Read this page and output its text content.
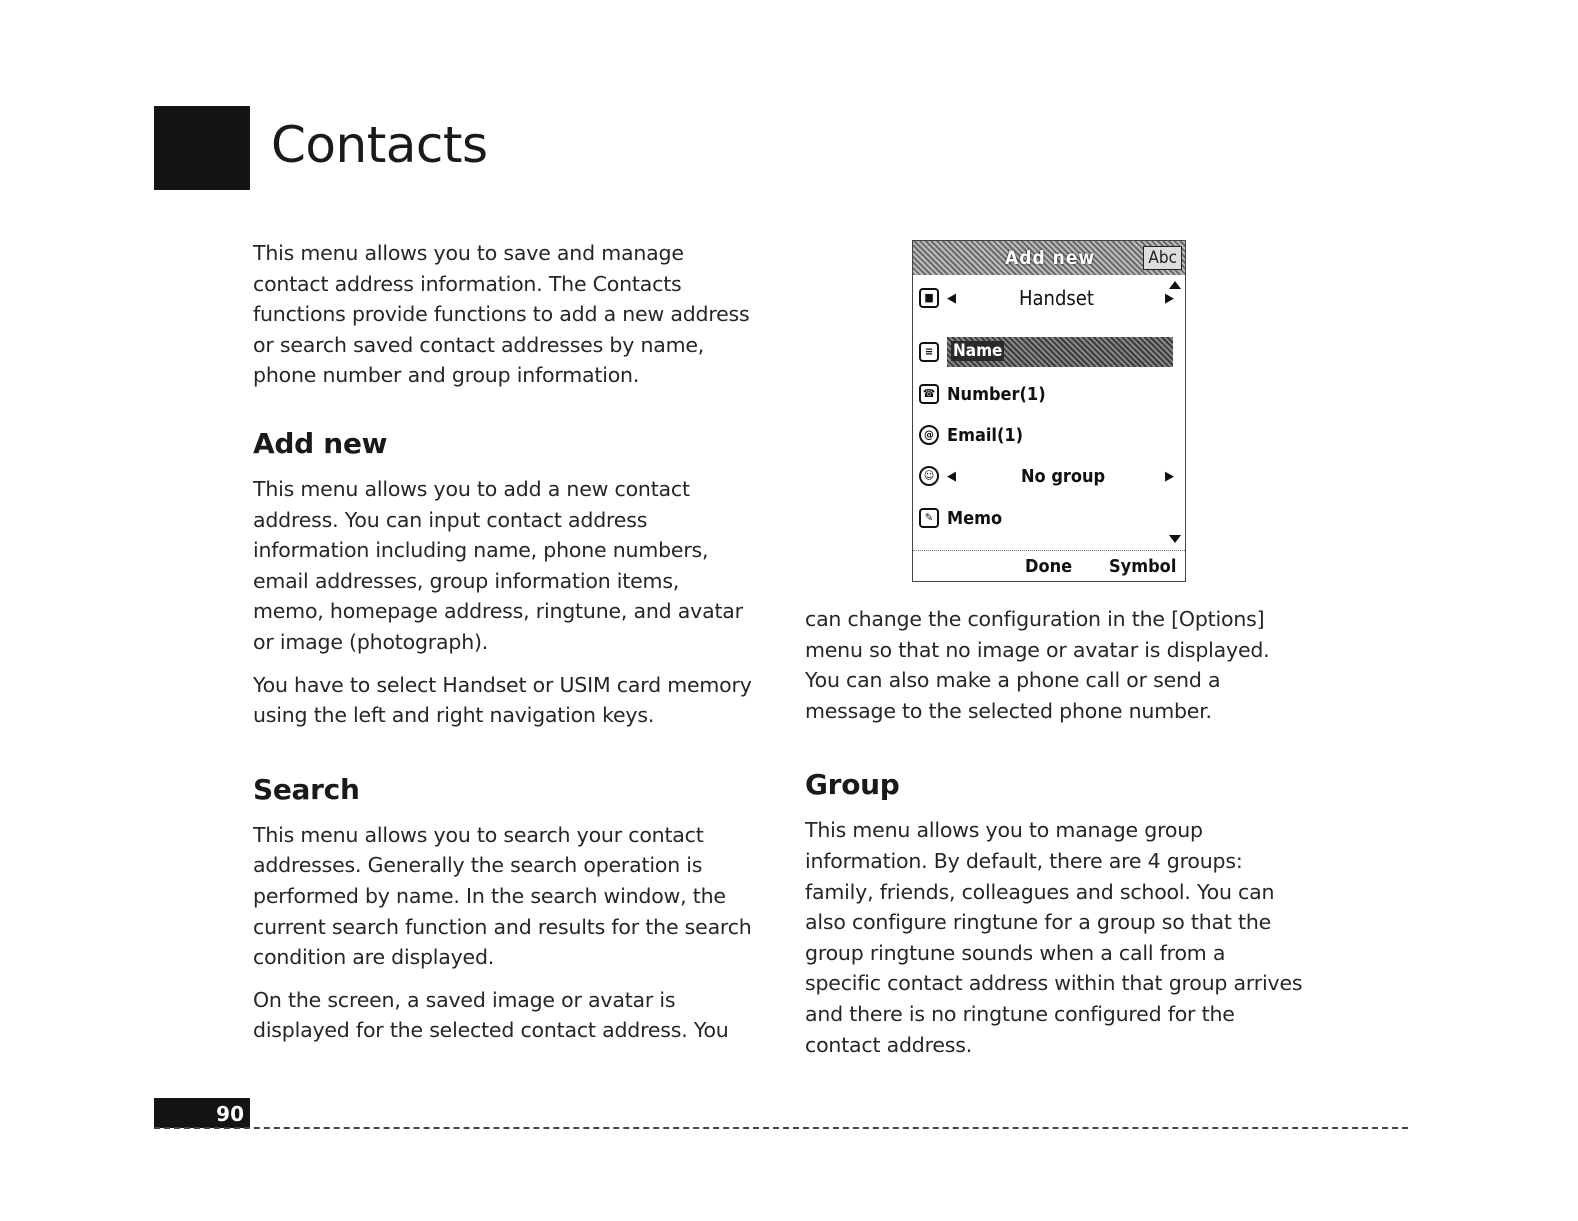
Contacts

This menu allows you to save and manage contact address information. The Contacts functions provide functions to add a new address or search saved contact addresses by name, phone number and group information.

Add new

This menu allows you to add a new contact address. You can input contact address information including name, phone numbers, email addresses, group information items, memo, homepage address, ringtune, and avatar or image (photograph).

You have to select Handset or USIM card memory using the left and right navigation keys.

Search

This menu allows you to search your contact addresses. Generally the search operation is performed by name. In the search window, the current search function and results for the search condition are displayed.

On the screen, a saved image or avatar is displayed for the selected contact address. You

Add new	Abc
■	◀	Handset	▶
≡	Name
☎ Number(1)
@ Email(1)
☺ ◀	No group	▶
✎ Memo
Done Symbol

can change the configuration in the [Options] menu so that no image or avatar is displayed. You can also make a phone call or send a message to the selected phone number.

Group

This menu allows you to manage group information. By default, there are 4 groups: family, friends, colleagues and school. You can also configure ringtune for a group so that the group ringtune sounds when a call from a specific contact address within that group arrives and there is no ringtune configured for the contact address.

90
